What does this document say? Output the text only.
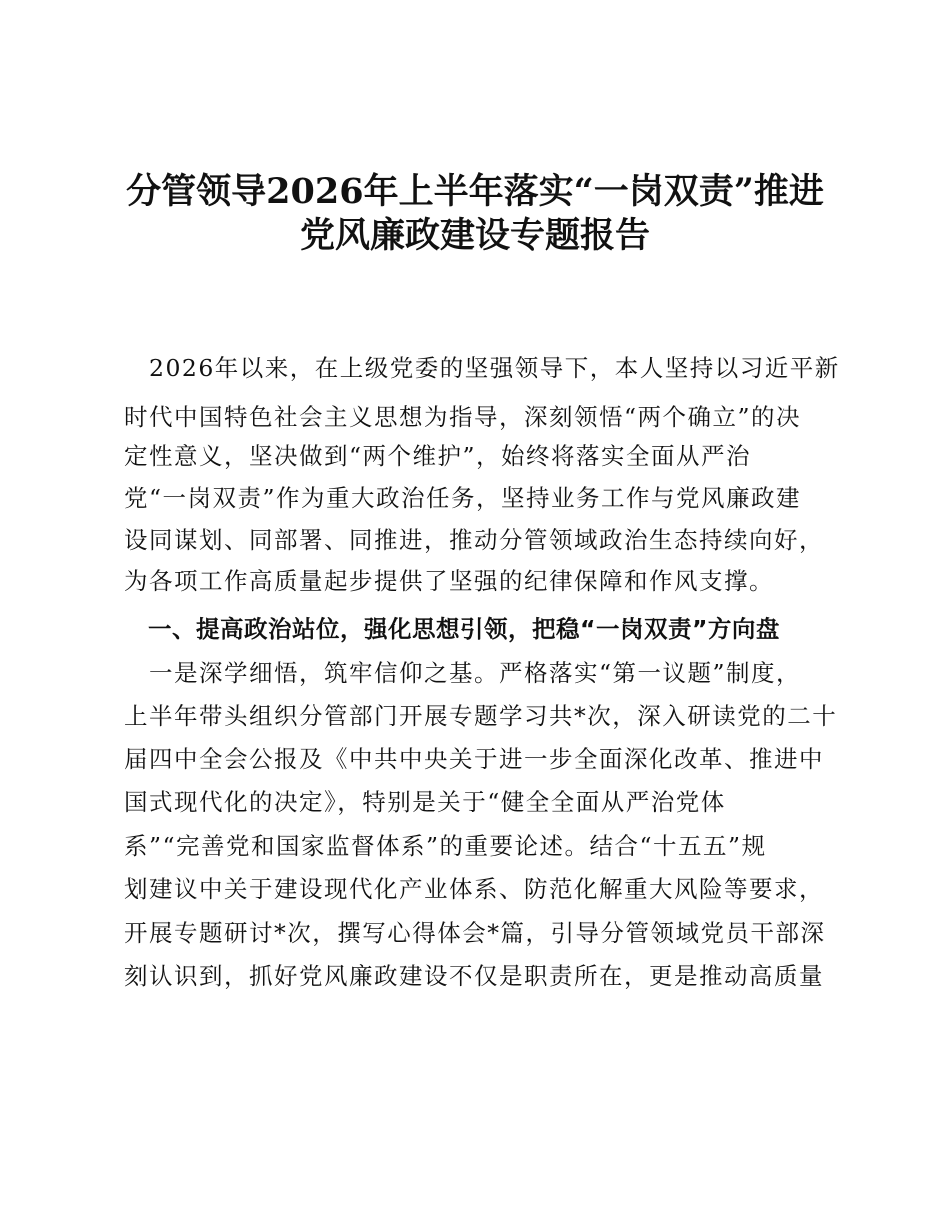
分管领导2026年上半年落实“一岗双责”推进
党风廉政建设专题报告
　2026年以来，在上级党委的坚强领导下，本人坚持以习近平新
时代中国特色社会主义思想为指导，深刻领悟“两个确立”的决
定性意义，坚决做到“两个维护”，始终将落实全面从严治
党“一岗双责”作为重大政治任务，坚持业务工作与党风廉政建
设同谋划、同部署、同推进，推动分管领域政治生态持续向好，
为各项工作高质量起步提供了坚强的纪律保障和作风支撑。
　一、提高政治站位，强化思想引领，把稳“一岗双责”方向盘
　一是深学细悟，筑牢信仰之基。严格落实“第一议题”制度，
上半年带头组织分管部门开展专题学习共*次，深入研读党的二十
届四中全会公报及《中共中央关于进一步全面深化改革、推进中
国式现代化的决定》，特别是关于“健全全面从严治党体
系”“完善党和国家监督体系”的重要论述。结合“十五五”规
划建议中关于建设现代化产业体系、防范化解重大风险等要求，
开展专题研讨*次，撰写心得体会*篇，引导分管领域党员干部深
刻认识到，抓好党风廉政建设不仅是职责所在，更是推动高质量
